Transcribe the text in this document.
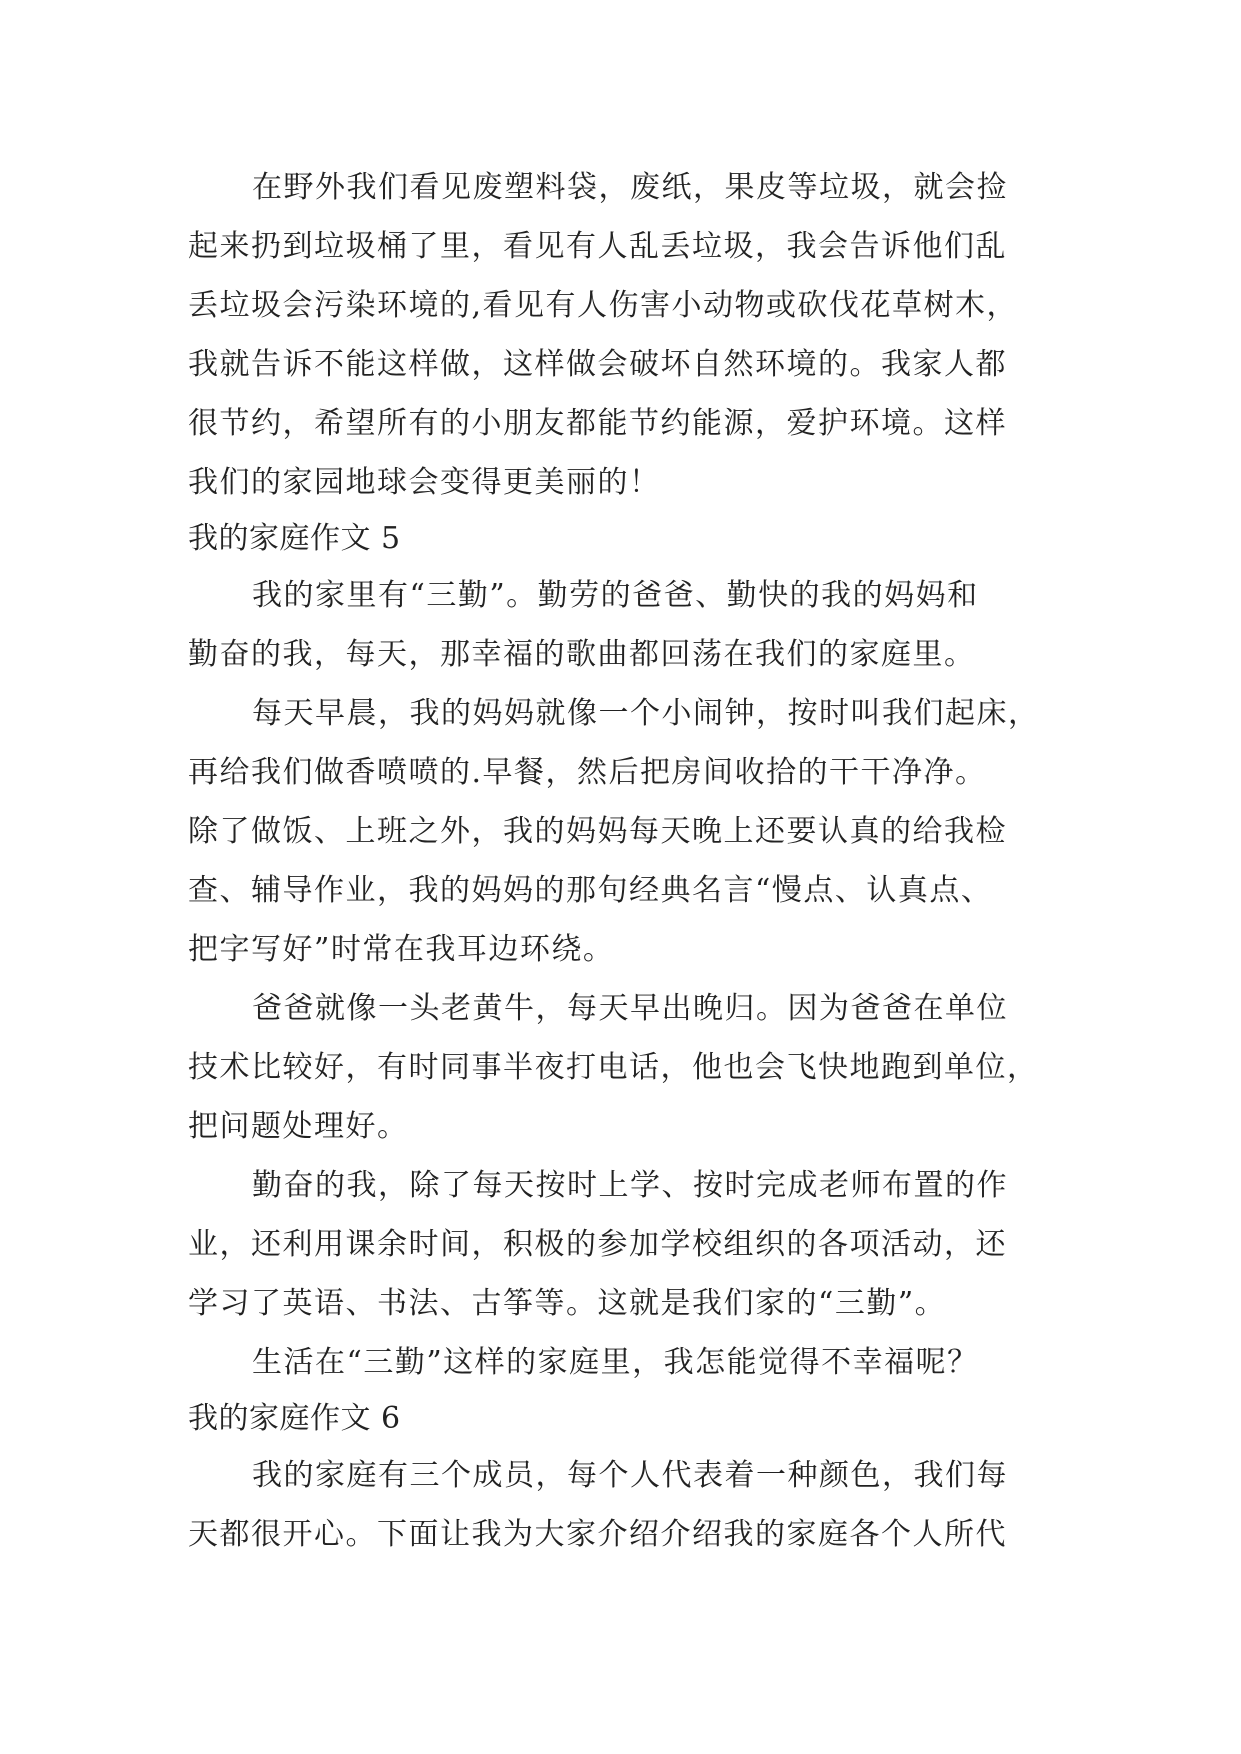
在野外我们看见废塑料袋，废纸，果皮等垃圾，就会捡
起来扔到垃圾桶了里，看见有人乱丢垃圾，我会告诉他们乱
丢垃圾会污染环境的,看见有人伤害小动物或砍伐花草树木，
我就告诉不能这样做，这样做会破坏自然环境的。我家人都
很节约，希望所有的小朋友都能节约能源，爱护环境。这样
我们的家园地球会变得更美丽的！
我的家庭作文 5
我的家里有“三勤”。勤劳的爸爸、勤快的我的妈妈和
勤奋的我，每天，那幸福的歌曲都回荡在我们的家庭里。
每天早晨，我的妈妈就像一个小闹钟，按时叫我们起床，
再给我们做香喷喷的.早餐，然后把房间收拾的干干净净。
除了做饭、上班之外，我的妈妈每天晚上还要认真的给我检
查、辅导作业，我的妈妈的那句经典名言“慢点、认真点、
把字写好”时常在我耳边环绕。
爸爸就像一头老黄牛，每天早出晚归。因为爸爸在单位
技术比较好，有时同事半夜打电话，他也会飞快地跑到单位，
把问题处理好。
勤奋的我，除了每天按时上学、按时完成老师布置的作
业，还利用课余时间，积极的参加学校组织的各项活动，还
学习了英语、书法、古筝等。这就是我们家的“三勤”。
生活在“三勤”这样的家庭里，我怎能觉得不幸福呢？
我的家庭作文 6
我的家庭有三个成员，每个人代表着一种颜色，我们每
天都很开心。下面让我为大家介绍介绍我的家庭各个人所代
